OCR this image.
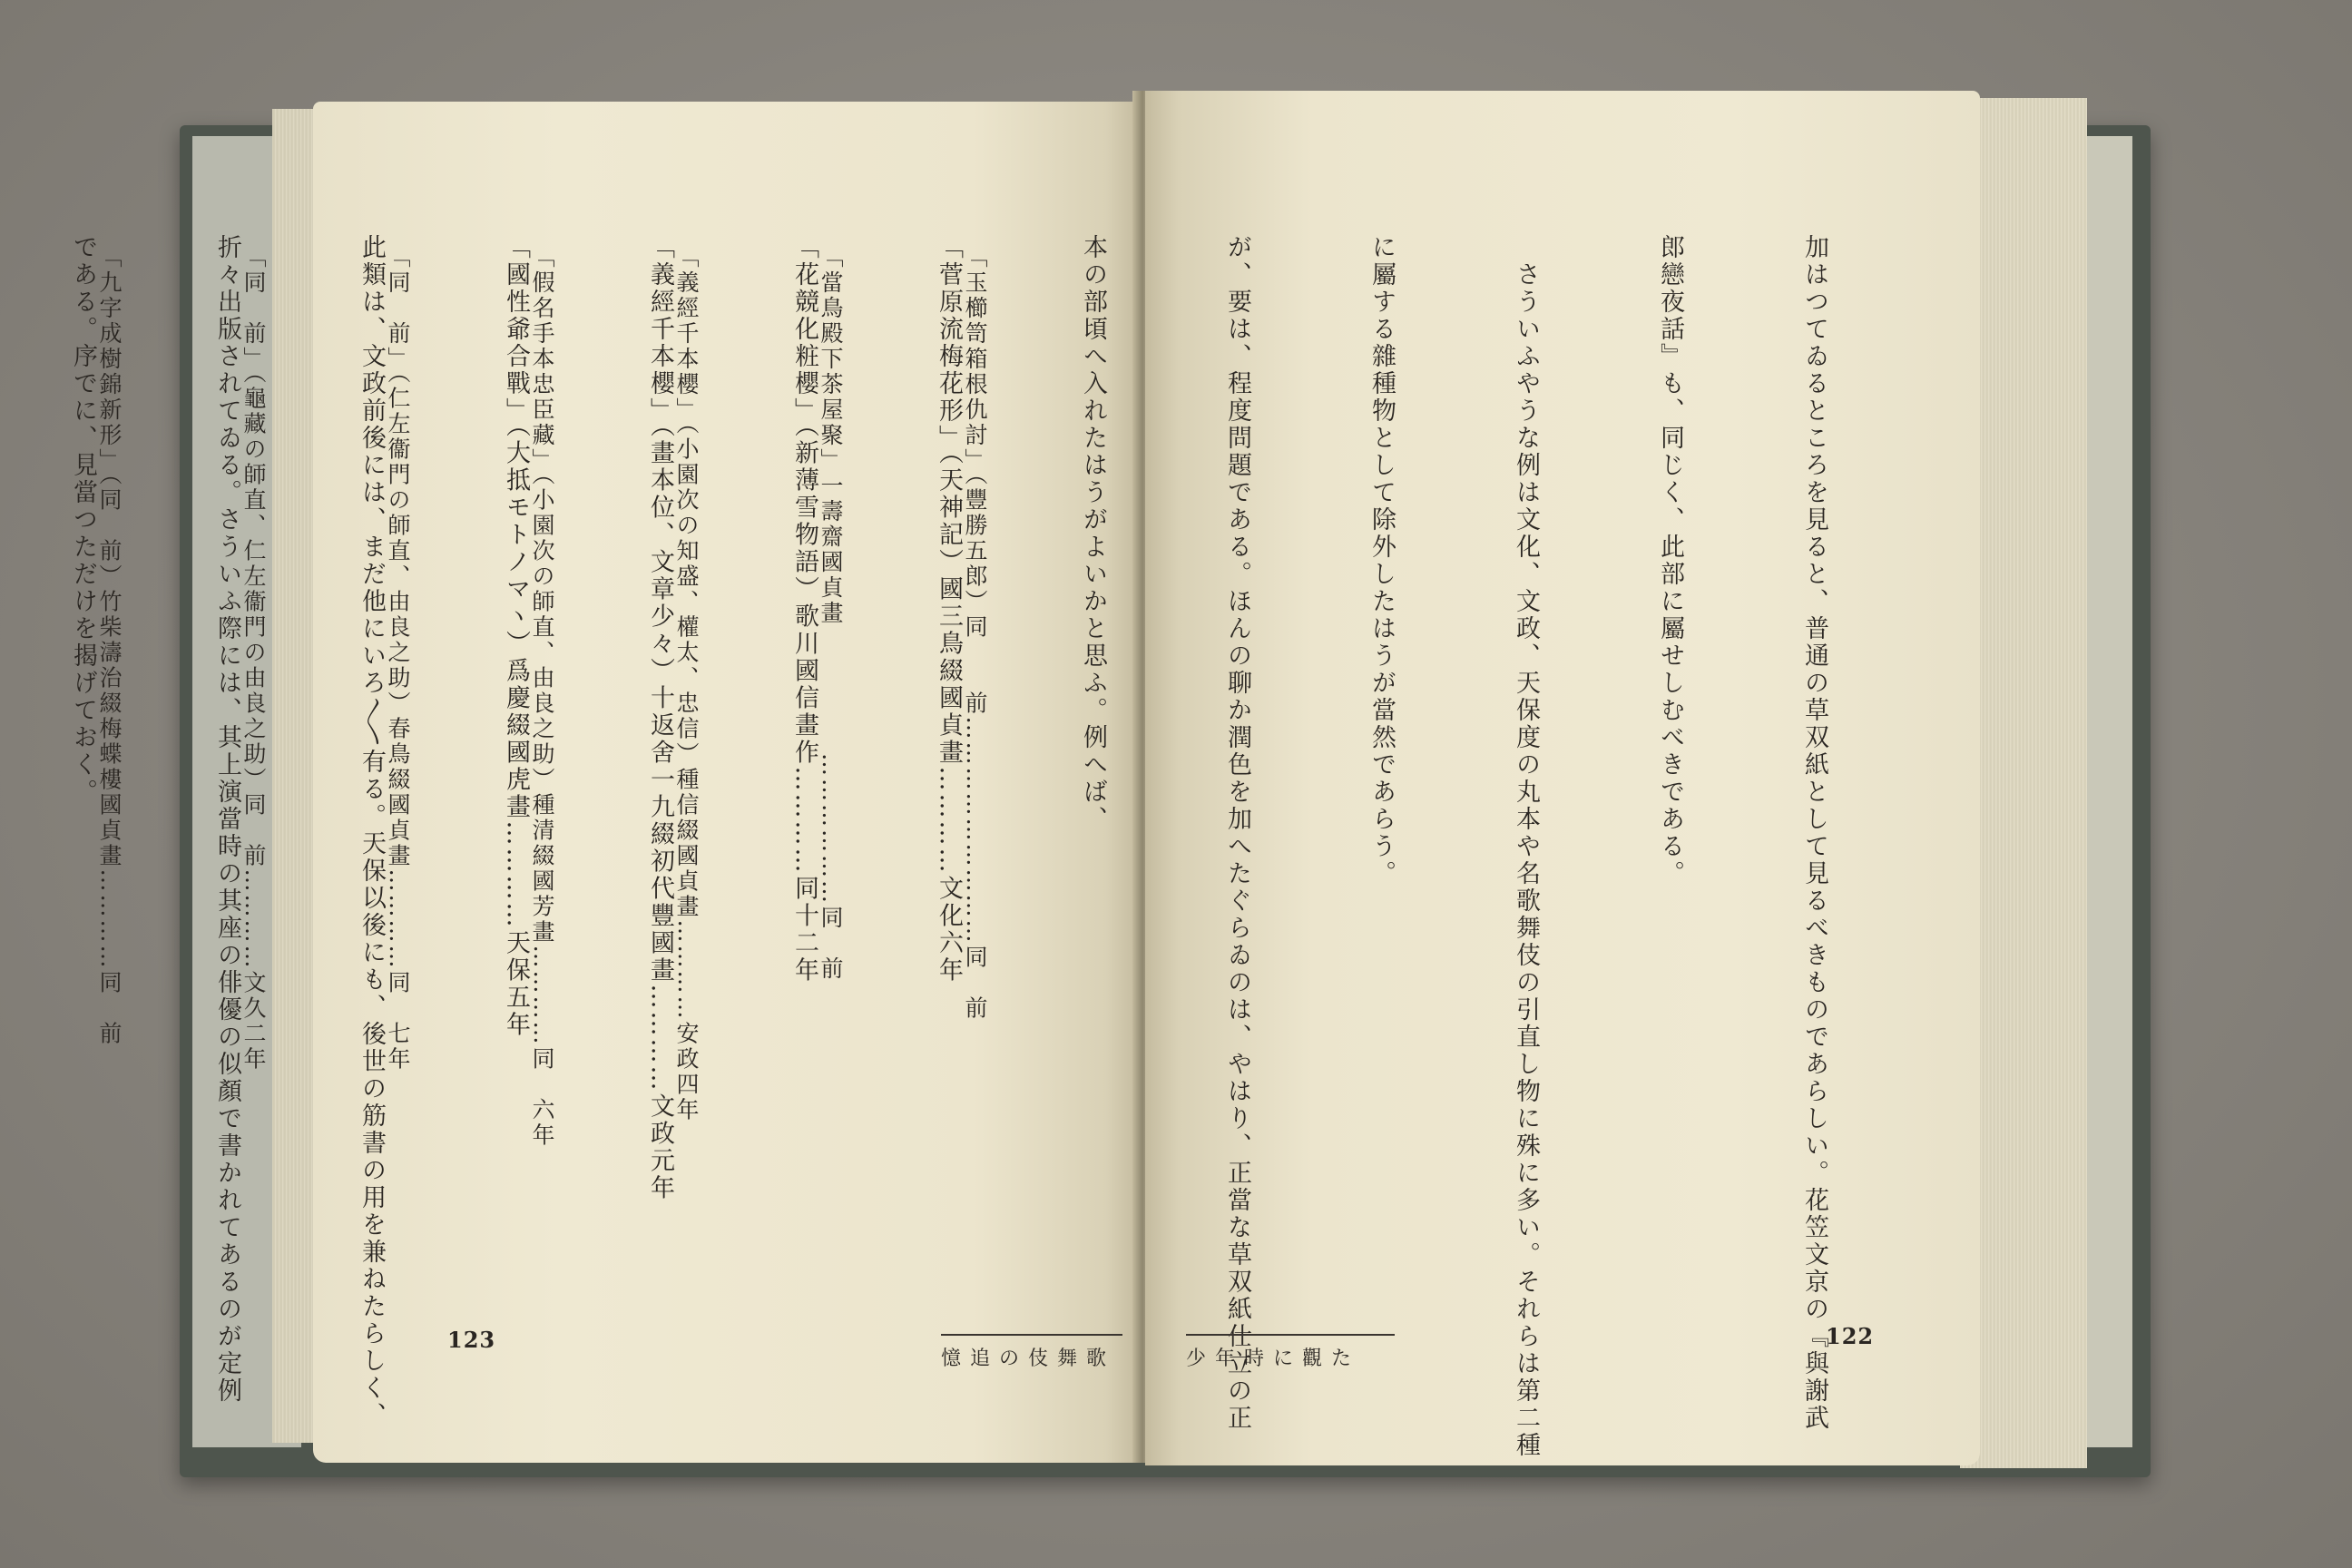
「玉櫛笥箱根仇討」（豐勝五郎）同　　前………………………同　前

「當鳥殿下茶屋聚」一壽齋國貞畫　　　　　………………同　前

「義經千本櫻」（小園次の知盛、權太、忠信）種信綴國貞畫…………安政四年

「假名手本忠臣藏」（小園次の師直、由良之助）種清綴國芳畫…………同　六年

「同　前」（仁左衞門の師直、由良之助）春鳥綴國貞畫…………同　七年

「同　前」（龜藏の師直、仁左衞門の由良之助）同　前…………文久二年

「九字成樹錦新形」（同　前）竹柴濤治綴梅蝶樓國貞畫…………同　前

123
憶追の伎舞歌

	加はつてゐるところを見ると、普通の草双紙として見るべきものであらしい。花笠文京の『與謝武

郎戀夜話』も、同じく、此部に屬せしむべきである。

　さういふやうな例は文化、文政、天保度の丸本や名歌舞伎の引直し物に殊に多い。それらは第二種

に屬する雜種物として除外したはうが當然であらう。

が、要は、程度問題である。ほんの聊か潤色を加へたぐらゐのは、やはり、正當な草双紙仕立の正

本の部頃へ入れたはうがよいかと思ふ。例へば、

「菅原流梅花形」（天神記）國三鳥綴國貞畫…………文化六年

「花競化粧櫻」（新薄雪物語）歌川國信畫作…………同十二年

「義經千本櫻」（畫本位、文章少々）十返舍一九綴初代豐國畫…………文政元年

「國性爺合戰」（大抵モトノマヽ）爲慶綴國虎畫…………天保五年

此類は、文政前後には、まだ他にいろ〳〵有る。天保以後にも、後世の筋書の用を兼ねたらしく、

折々出版されてゐる。さういふ際には、其上演當時の其座の俳優の似顏で書かれてあるのが定例

である。序でに、見當つただけを揭げておく。

少年時に觀た
122
